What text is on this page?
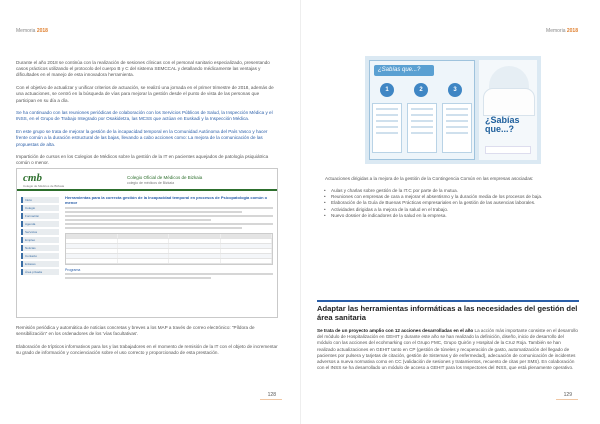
Memoria 2018

Durante el año 2018 se continúa con la realización de sesiones clínicas con el personal sanitario especializado, presentando casos prácticos utilizando el protocolo del cuerpo B y C del sistema SEMCCAL y detallando médicamente las ventajas y dificultades en el manejo de esta innovadora herramienta.

Con el objetivo de actualizar y unificar criterios de actuación, se realizó una jornada en el primer trimestre de 2018, además de una actuaciones, se centró en la búsqueda de vías para mejorar la gestión desde el punto de vista de las personas que participan en su día a día.

Se ha continuado con las reuniones periódicas de colaboración con los Servicios Públicos de Salud, la Inspección Médica y el INSS, en el Grupo de Trabajo Integrado por Osakidetza, las MCSS que actúan en Euskadi y la Inspección Médica.

En este grupo se trata de mejorar la gestión de la incapacidad temporal en la Comunidad Autónoma del País Vasco y hacer frente común a la duración estructural de las bajas, llevando a cabo acciones como: La mejora de la comunicación de las propuestas de alta.

Impartición de cursos en los Colegios de Médicos sobre la gestión de la IT en pacientes aquejados de patología psiquiátrica común o menor.

cmb
Colegio de Médicos de Bizkaia
Colegio Oficial de Médicos de Bizkaia
colegio de médicos de Bizkaia
Inicio
Colegio
Formación
Agenda
Servicios
Empleo
Noticias
Contacto
Enlaces
Área privada
Herramientas para la correcta gestión de la Incapacidad temporal en procesos de Psicopatología común o menor
Programa

Remisión periódica y automática de noticias concretas y breves a los MAP a través de correo electrónico: "Píldora de sensibilización" en los ordenadores de los 'vías facultativas'.

Elaboración de trípticos informativos para los y las trabajadores en el momento de remisión de la IT con el objeto de incrementar su grado de información y concienciación sobre el uso correcto y proporcionado de esta prestación.

128
Memoria 2018
¿Sabías que...?
1	2	3
¿Sabías que...?
Actuaciones dirigidas a la mejora de la gestión de la Contingencia Común en las empresas asociadas:
• Aulas y charlas sobre gestión de la IT.C por parte de la mutua.
• Reuniones con empresas de cara a mejorar el absentismo y la duración media de los procesos de baja.
• Elaboración de la Guía de Buenas Prácticas empresariales en la gestión de las ausencias laborales.
• Actividades dirigidas a la mejora de la salud en el trabajo.
• Nuevo dossier de indicadores de la salud en la empresa.
Adaptar las herramientas informáticas a las necesidades del gestión del área sanitaria
Se trata de un proyecto amplio con 12 acciones desarrolladas en el año La acción más importante consiste en el desarrollo del módulo de Hospitalización en GEHIT y durante este año se han realizado la definición, diseño, inicio de desarrollo del módulo con las acciones del ecohmarking con el Grupo FMC, Grupo Quirón y Hospital de la Cruz Roja. También se han realizado actualizaciones en GEHIT tanto en CP (gestión de túneles y recuperación de gasto, automatización del llegado de pacientes por pulsera y tarjetas de citación, gestión de Sistemas y de enfermedad), adecuación de comunicación de incidentes adversos a nueva normativa como en CC (validación de sesiones y tratamientos, recuento de citas per SMS). En colaboración con el INSS se ha desarrollado un módulo de acceso a GEHIT para los Inspectores del INSS, que está plenamente operativo.
129
